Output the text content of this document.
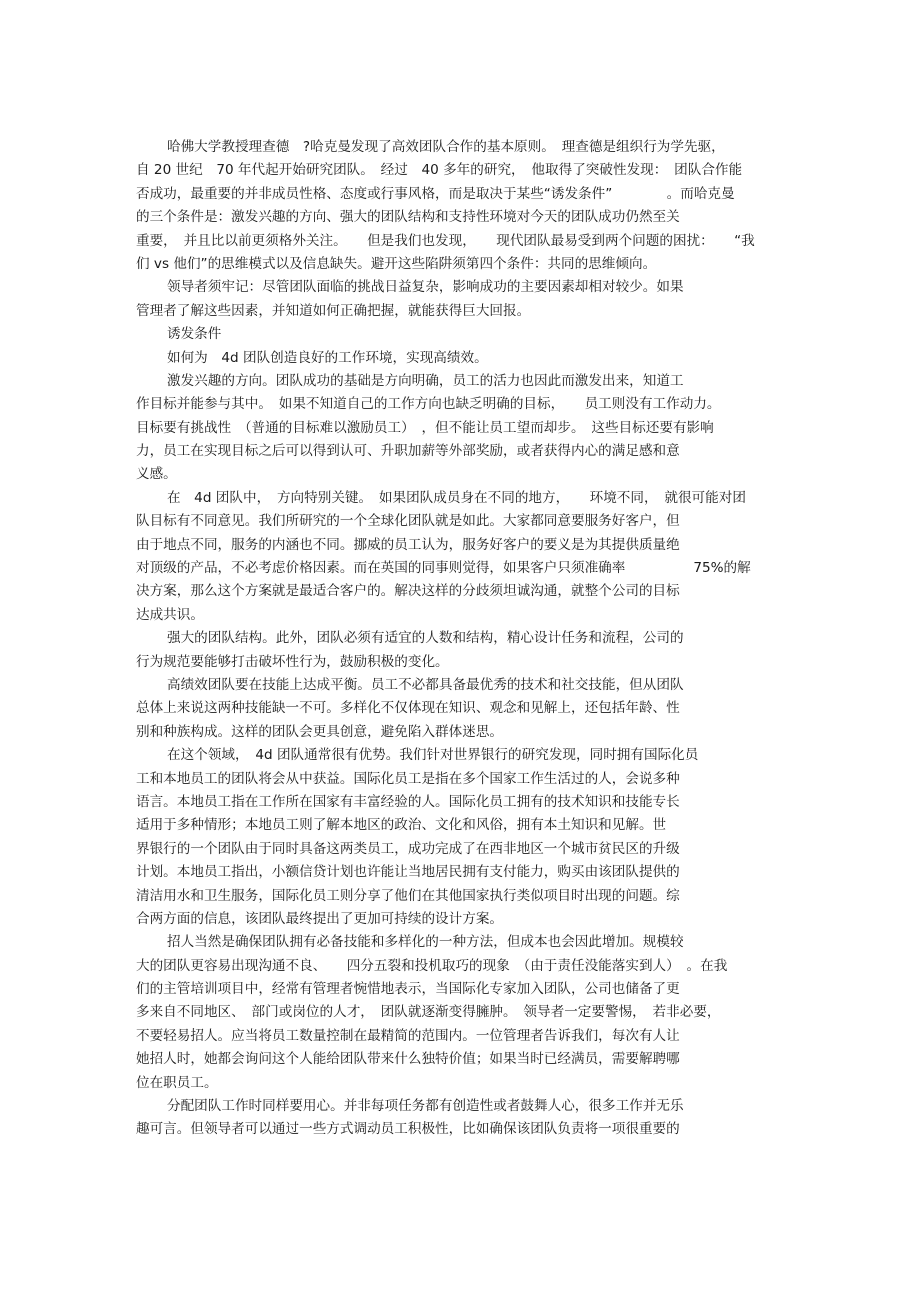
哈佛大学教授理查德　?哈克曼发现了高效团队合作的基本原则。　理查德是组织行为学先驱，
自 20 世纪　70 年代起开始研究团队。　经过　40 多年的研究，　他取得了突破性发现：　团队合作能
否成功，最重要的并非成员性格、态度或行事风格，而是取决于某些“诱发条件”　　　　。而哈克曼
的三个条件是：激发兴趣的方向、强大的团队结构和支持性环境对今天的团队成功仍然至关
重要，　并且比以前更须格外关注。　　但是我们也发现，　　现代团队最易受到两个问题的困扰：　　“我
们 vs 他们”的思维模式以及信息缺失。避开这些陷阱须第四个条件：共同的思维倾向。
领导者须牢记：尽管团队面临的挑战日益复杂，影响成功的主要因素却相对较少。如果
管理者了解这些因素，并知道如何正确把握，就能获得巨大回报。
诱发条件
如何为　4d 团队创造良好的工作环境，实现高绩效。
激发兴趣的方向。团队成功的基础是方向明确，员工的活力也因此而激发出来，知道工
作目标并能参与其中。　如果不知道自己的工作方向也缺乏明确的目标，　　员工则没有工作动力。
目标要有挑战性　（普通的目标难以激励员工）　，但不能让员工望而却步。　这些目标还要有影响
力，员工在实现目标之后可以得到认可、升职加薪等外部奖励，或者获得内心的满足感和意
义感。
在　4d 团队中，　方向特别关键。　如果团队成员身在不同的地方，　　环境不同，　就很可能对团
队目标有不同意见。我们所研究的一个全球化团队就是如此。大家都同意要服务好客户，但
由于地点不同，服务的内涵也不同。挪威的员工认为，服务好客户的要义是为其提供质量绝
对顶级的产品，不必考虑价格因素。而在英国的同事则觉得，如果客户只须准确率　　　　　75%的解
决方案，那么这个方案就是最适合客户的。解决这样的分歧须坦诚沟通，就整个公司的目标
达成共识。
强大的团队结构。此外，团队必须有适宜的人数和结构，精心设计任务和流程，公司的
行为规范要能够打击破坏性行为，鼓励积极的变化。
高绩效团队要在技能上达成平衡。员工不必都具备最优秀的技术和社交技能，但从团队
总体上来说这两种技能缺一不可。多样化不仅体现在知识、观念和见解上，还包括年龄、性
别和种族构成。这样的团队会更具创意，避免陷入群体迷思。
在这个领域，　4d 团队通常很有优势。我们针对世界银行的研究发现，同时拥有国际化员
工和本地员工的团队将会从中获益。国际化员工是指在多个国家工作生活过的人，会说多种
语言。本地员工指在工作所在国家有丰富经验的人。国际化员工拥有的技术知识和技能专长
适用于多种情形；本地员工则了解本地区的政治、文化和风俗，拥有本土知识和见解。世
界银行的一个团队由于同时具备这两类员工，成功完成了在西非地区一个城市贫民区的升级
计划。本地员工指出，小额信贷计划也许能让当地居民拥有支付能力，购买由该团队提供的
清洁用水和卫生服务，国际化员工则分享了他们在其他国家执行类似项目时出现的问题。综
合两方面的信息，该团队最终提出了更加可持续的设计方案。
招人当然是确保团队拥有必备技能和多样化的一种方法，但成本也会因此增加。规模较
大的团队更容易出现沟通不良、　　四分五裂和投机取巧的现象　（由于责任没能落实到人）　。在我
们的主管培训项目中，经常有管理者惋惜地表示，当国际化专家加入团队，公司也储备了更
多来自不同地区、　部门或岗位的人才，　团队就逐渐变得臃肿。　领导者一定要警惕，　若非必要，
不要轻易招人。应当将员工数量控制在最精简的范围内。一位管理者告诉我们，每次有人让
她招人时，她都会询问这个人能给团队带来什么独特价值；如果当时已经满员，需要解聘哪
位在职员工。
分配团队工作时同样要用心。并非每项任务都有创造性或者鼓舞人心，很多工作并无乐
趣可言。但领导者可以通过一些方式调动员工积极性，比如确保该团队负责将一项很重要的
